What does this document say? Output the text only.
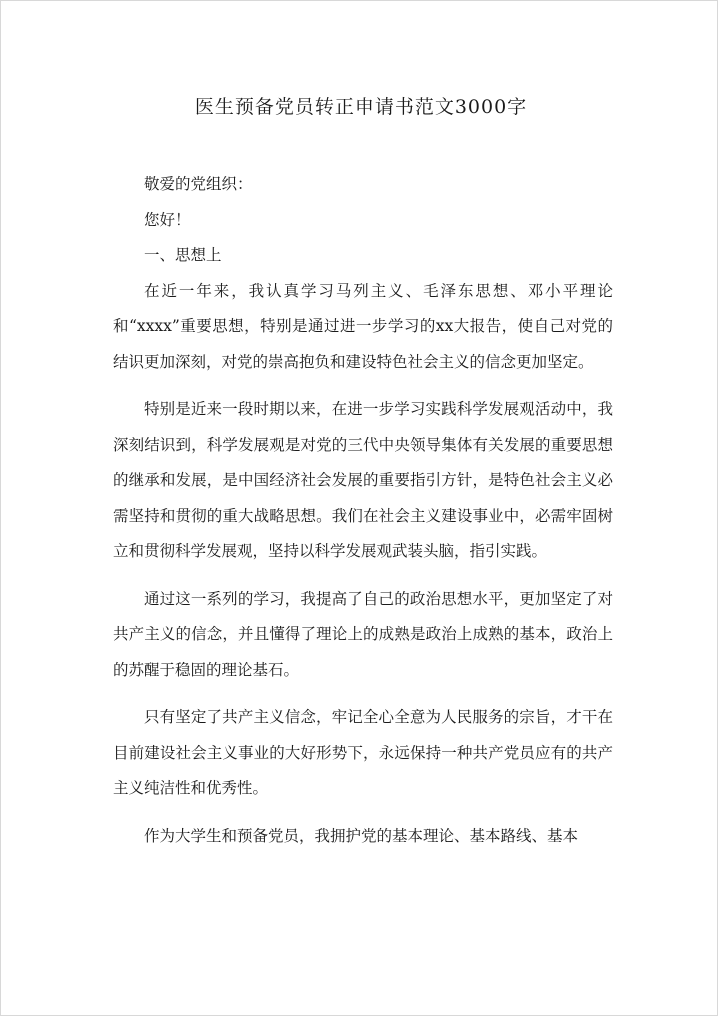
医生预备党员转正申请书范文3000字

敬爱的党组织：

您好！

一、思想上

在近一年来，我认真学习马列主义、毛泽东思想、邓小平理论和“xxxx”重要思想，特别是通过进一步学习的xx大报告，使自己对党的结识更加深刻，对党的崇高抱负和建设特色社会主义的信念更加坚定。

特别是近来一段时期以来，在进一步学习实践科学发展观活动中，我深刻结识到，科学发展观是对党的三代中央领导集体有关发展的重要思想的继承和发展，是中国经济社会发展的重要指引方针，是特色社会主义必需坚持和贯彻的重大战略思想。我们在社会主义建设事业中，必需牢固树立和贯彻科学发展观，坚持以科学发展观武装头脑，指引实践。

通过这一系列的学习，我提高了自己的政治思想水平，更加坚定了对共产主义的信念，并且懂得了理论上的成熟是政治上成熟的基本，政治上的苏醒于稳固的理论基石。

只有坚定了共产主义信念，牢记全心全意为人民服务的宗旨，才干在目前建设社会主义事业的大好形势下，永远保持一种共产党员应有的共产主义纯洁性和优秀性。

作为大学生和预备党员，我拥护党的基本理论、基本路线、基本
